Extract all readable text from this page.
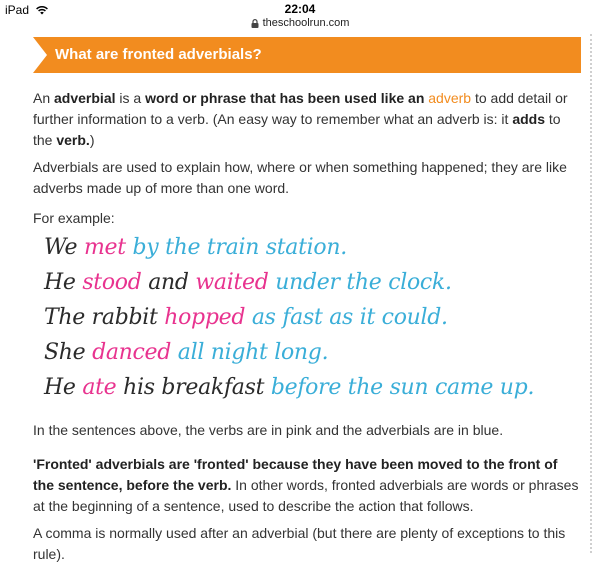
iPad	22:04
theschoolrun.com
What are fronted adverbials?

An adverbial is a word or phrase that has been used like an adverb to add detail or further information to a verb. (An easy way to remember what an adverb is: it adds to the verb.)

Adverbials are used to explain how, where or when something happened; they are like adverbs made up of more than one word.

For example:

We met by the train station.
He stood and waited under the clock.
The rabbit hopped as fast as it could.
She danced all night long.
He ate his breakfast before the sun came up.

In the sentences above, the verbs are in pink and the adverbials are in blue.

'Fronted' adverbials are 'fronted' because they have been moved to the front of the sentence, before the verb. In other words, fronted adverbials are words or phrases at the beginning of a sentence, used to describe the action that follows.

A comma is normally used after an adverbial (but there are plenty of exceptions to this rule).
